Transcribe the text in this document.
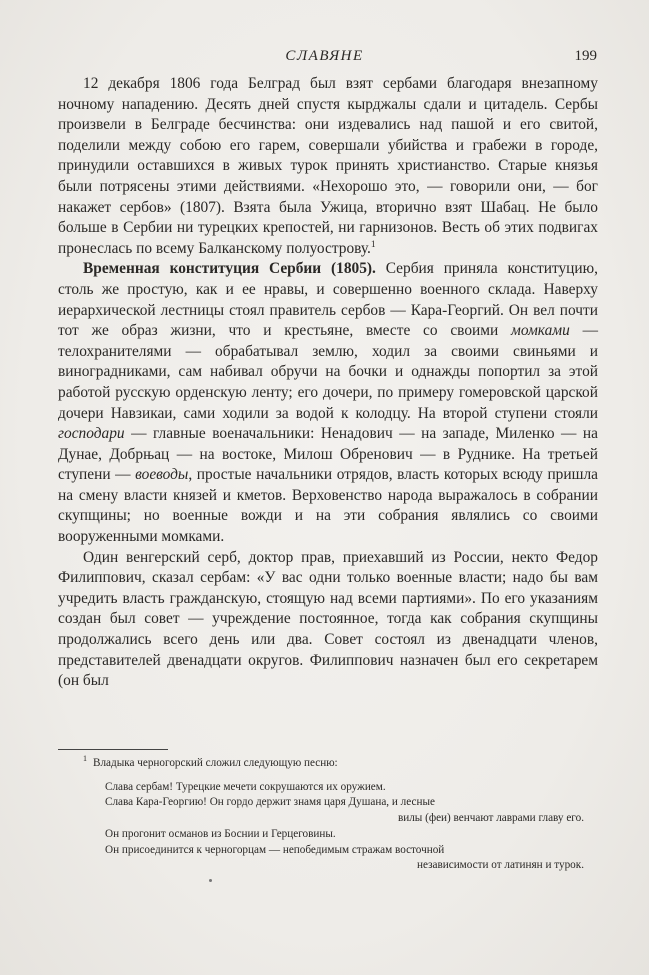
СЛАВЯНЕ	199

12 декабря 1806 года Белград был взят сербами благодаря внезапному ночному нападению. Десять дней спустя кырджалы сдали и цитадель. Сербы произвели в Белграде бесчинства: они издевались над пашой и его свитой, поделили между собою его гарем, совершали убийства и грабежи в городе, принудили оставшихся в живых турок принять христианство. Старые князья были потрясены этими действиями. «Нехорошо это, — говорили они, — бог накажет сербов» (1807). Взята была Ужица, вторично взят Шабац. Не было больше в Сербии ни турецких крепостей, ни гарнизонов. Весть об этих подвигах пронеслась по всему Балканскому полуострову.$^1$

Временная конституция Сербии (1805). Сербия приняла конституцию, столь же простую, как и ее нравы, и совершенно военного склада. Наверху иерархической лестницы стоял правитель сербов — Кара-Георгий. Он вел почти тот же образ жизни, что и крестьяне, вместе со своими момками — телохранителями — обрабатывал землю, ходил за своими свиньями и виноградниками, сам набивал обручи на бочки и однажды попортил за этой работой русскую орденскую ленту; его дочери, по примеру гомеровской царской дочери Навзикаи, сами ходили за водой к колодцу. На второй ступени стояли господари — главные военачальники: Ненадович — на западе, Миленко — на Дунае, Добрњац — на востоке, Милош Обренович — в Руднике. На третьей ступени — воеводы, простые начальники отрядов, власть которых всюду пришла на смену власти князей и кметов. Верховенство народа выражалось в собрании скупщины; но военные вожди и на эти собрания являлись со своими вооруженными момками.

Один венгерский серб, доктор прав, приехавший из России, некто Федор Филиппович, сказал сербам: «У вас одни только военные власти; надо бы вам учредить власть гражданскую, стоящую над всеми партиями». По его указаниям создан был совет — учреждение постоянное, тогда как собрания скупщины продолжались всего день или два. Совет состоял из двенадцати членов, представителей двенадцати округов. Филиппович назначен был его секретарем (он был

$^1$ Владыка черногорский сложил следующую песню:

Слава сербам! Турецкие мечети сокрушаются их оружием.
Слава Кара-Георгию! Он гордо держит знамя царя Душана, и лесные
вилы (феи) венчают лаврами главу его.
Он прогонит османов из Боснии и Герцеговины.
Он присоединится к черногорцам — непобедимым стражам восточной
независимости от латинян и турок.
